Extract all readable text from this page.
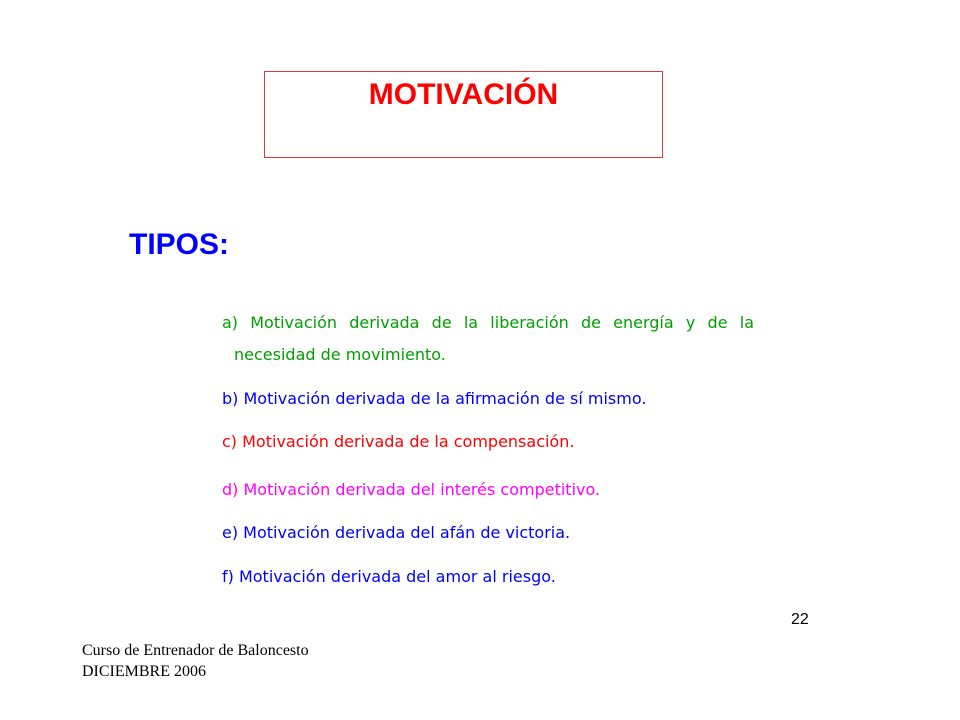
MOTIVACIÓN
TIPOS:
a) Motivación derivada de la liberación de energía y de la
necesidad de movimiento.
b) Motivación derivada de la afirmación de sí mismo.
c) Motivación derivada de la compensación.
d) Motivación derivada del interés competitivo.
e) Motivación derivada del afán de victoria.
f) Motivación derivada del amor al riesgo.
22
Curso de Entrenador de Baloncesto
DICIEMBRE 2006
